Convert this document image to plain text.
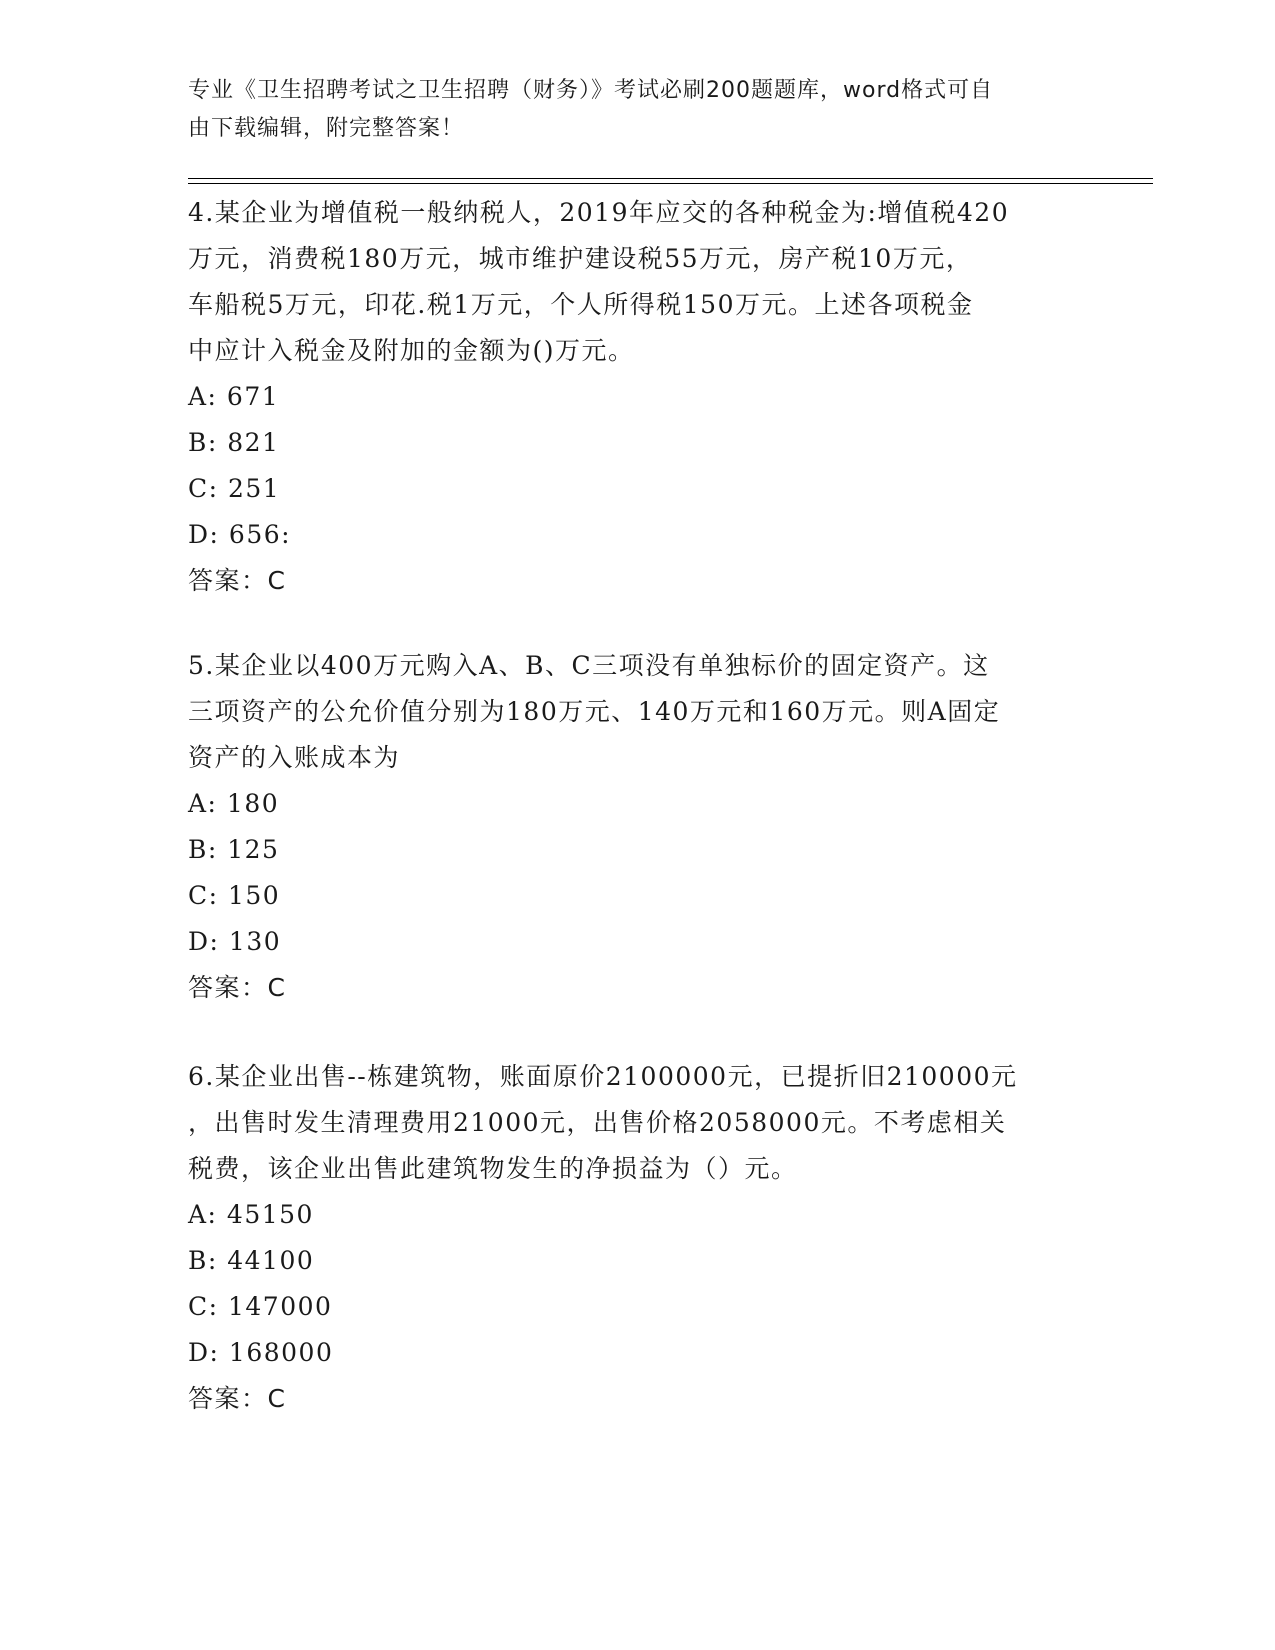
专业《卫生招聘考试之卫生招聘（财务）》考试必刷200题题库，word格式可自
由下载编辑，附完整答案！
4.某企业为增值税一般纳税人，2019年应交的各种税金为:增值税420
万元，消费税180万元，城市维护建设税55万元，房产税10万元，
车船税5万元，印花.税1万元，个人所得税150万元。上述各项税金
中应计入税金及附加的金额为()万元。
A: 671
B: 821
C: 251
D: 656:
答案：C
5.某企业以400万元购入A、B、C三项没有单独标价的固定资产。这
三项资产的公允价值分别为180万元、140万元和160万元。则A固定
资产的入账成本为
A: 180
B: 125
C: 150
D: 130
答案：C
6.某企业出售--栋建筑物，账面原价2100000元，已提折旧210000元
，出售时发生清理费用21000元，出售价格2058000元。不考虑相关
税费，该企业出售此建筑物发生的净损益为（）元。
A: 45150
B: 44100
C: 147000
D: 168000
答案：C
